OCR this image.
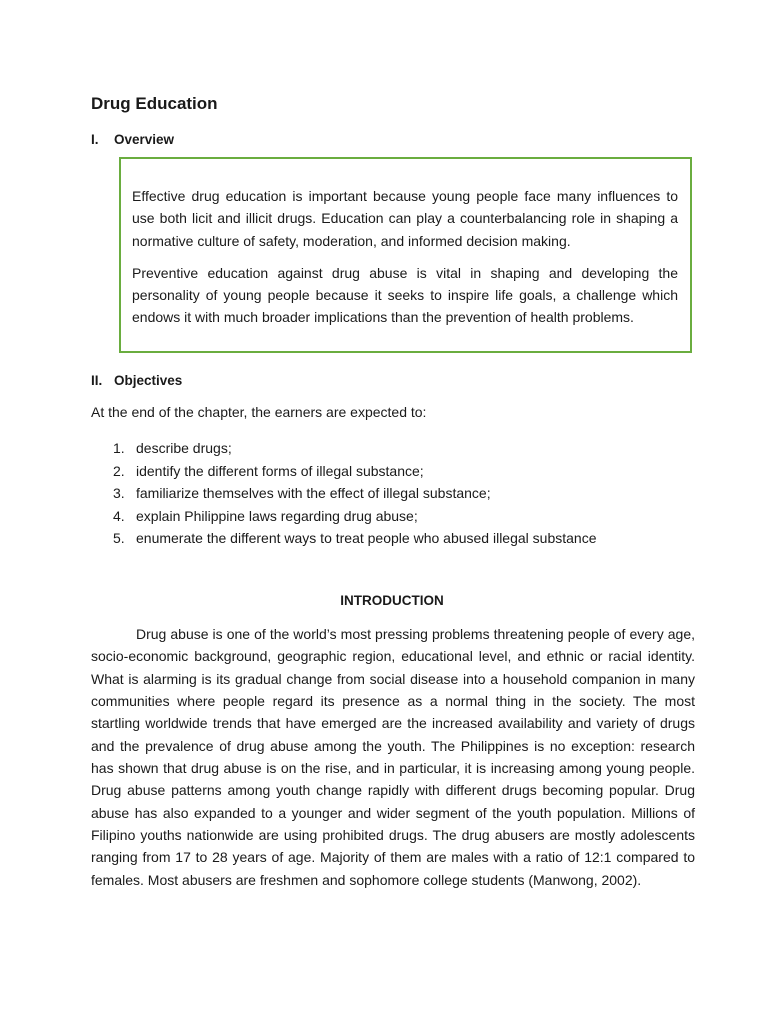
Drug Education
I.	Overview

Effective drug education is important because young people face many influences to use both licit and illicit drugs. Education can play a counterbalancing role in shaping a normative culture of safety, moderation, and informed decision making.

Preventive education against drug abuse is vital in shaping and developing the personality of young people because it seeks to inspire life goals, a challenge which endows it with much broader implications than the prevention of health problems.

II. Objectives

At the end of the chapter, the earners are expected to:

1. describe drugs;
2. identify the different forms of illegal substance;
3. familiarize themselves with the effect of illegal substance;
4. explain Philippine laws regarding drug abuse;
5. enumerate the different ways to treat people who abused illegal substance
INTRODUCTION

Drug abuse is one of the world’s most pressing problems threatening people of every age, socio-economic background, geographic region, educational level, and ethnic or racial identity. What is alarming is its gradual change from social disease into a household companion in many communities where people regard its presence as a normal thing in the society. The most startling worldwide trends that have emerged are the increased availability and variety of drugs and the prevalence of drug abuse among the youth. The Philippines is no exception: research has shown that drug abuse is on the rise, and in particular, it is increasing among young people. Drug abuse patterns among youth change rapidly with different drugs becoming popular. Drug abuse has also expanded to a younger and wider segment of the youth population. Millions of Filipino youths nationwide are using prohibited drugs. The drug abusers are mostly adolescents ranging from 17 to 28 years of age. Majority of them are males with a ratio of 12:1 compared to females. Most abusers are freshmen and sophomore college students (Manwong, 2002).
